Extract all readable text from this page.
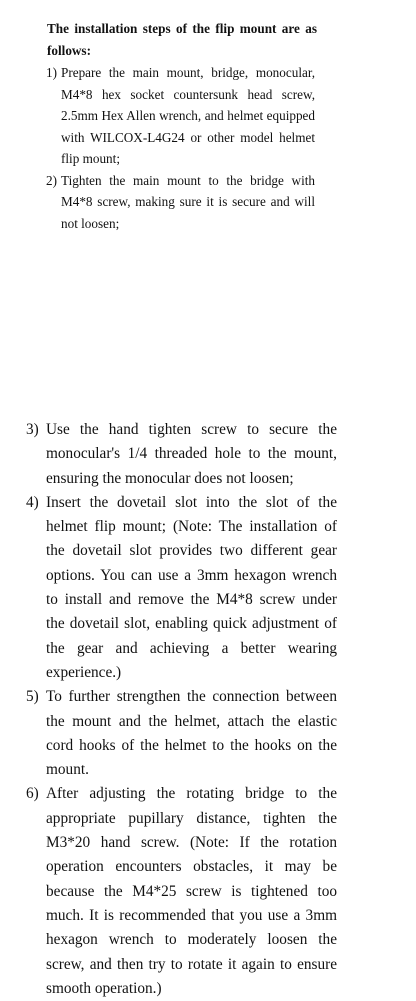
The installation steps of the flip mount are as follows:

1) Prepare the main mount, bridge, monocular, M4*8 hex socket countersunk head screw, 2.5mm Hex Allen wrench, and helmet equipped with WILCOX-L4G24 or other model helmet flip mount;
2) Tighten the main mount to the bridge with M4*8 screw, making sure it is secure and will not loosen;
3) Use the hand tighten screw to secure the monocular's 1/4 threaded hole to the mount, ensuring the monocular does not loosen;
4) Insert the dovetail slot into the slot of the helmet flip mount; (Note: The installation of the dovetail slot provides two different gear options. You can use a 3mm hexagon wrench to install and remove the M4*8 screw under the dovetail slot, enabling quick adjustment of the gear and achieving a better wearing experience.)
5) To further strengthen the connection between the mount and the helmet, attach the elastic cord hooks of the helmet to the hooks on the mount.
6) After adjusting the rotating bridge to the appropriate pupillary distance, tighten the M3*20 hand screw. (Note: If the rotation operation encounters obstacles, it may be because the M4*25 screw is tightened too much. It is recommended that you use a 3mm hexagon wrench to moderately loosen the screw, and then try to rotate it again to ensure smooth operation.)
